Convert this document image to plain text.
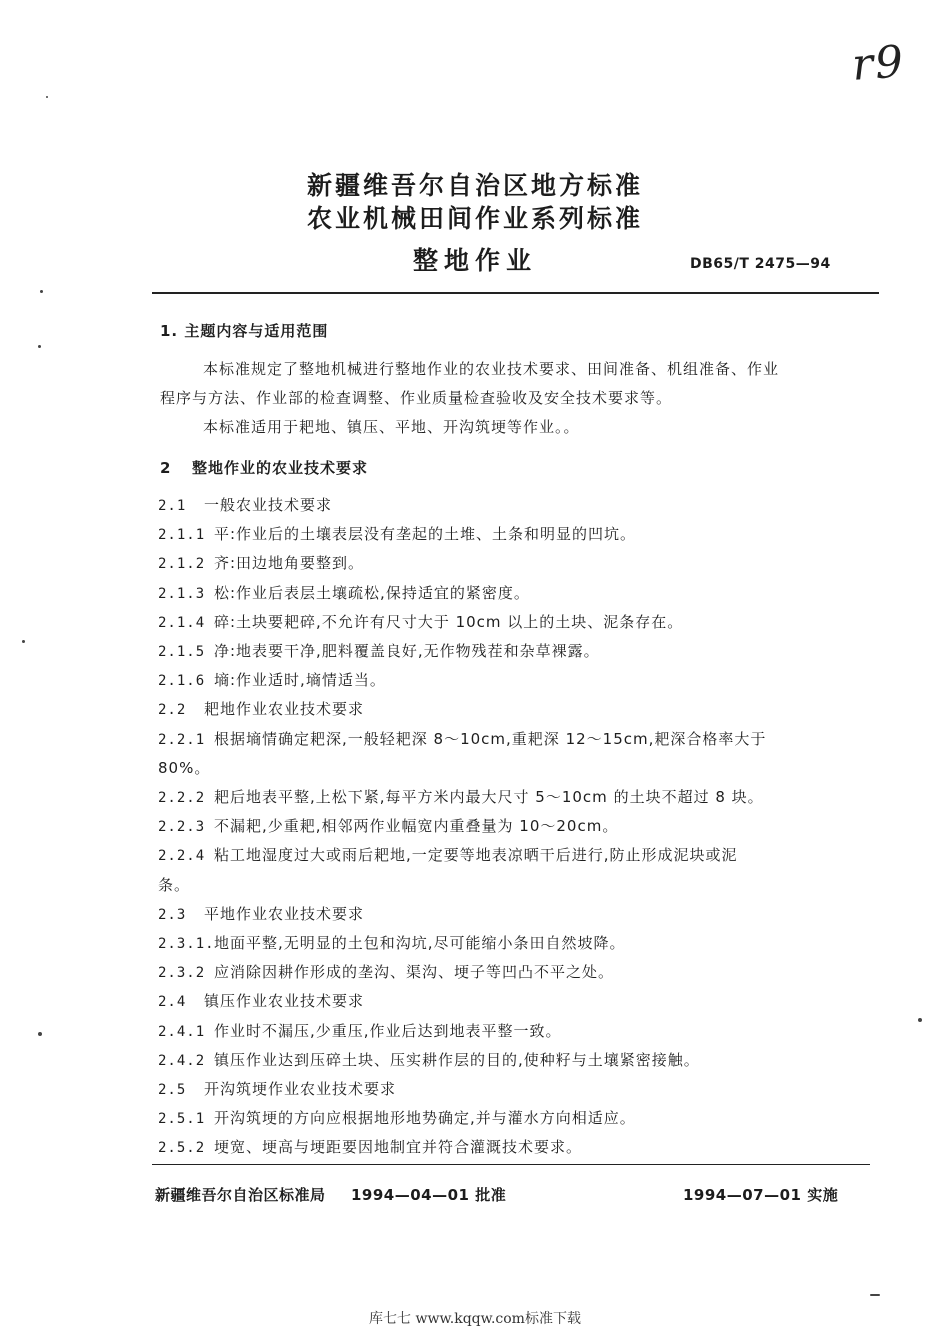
r9
新疆维吾尔自治区地方标准
农业机械田间作业系列标准
整地作业	DB65/T 2475—94
1. 主题内容与适用范围
本标准规定了整地机械进行整地作业的农业技术要求、田间准备、机组准备、作业
程序与方法、作业部的检查调整、作业质量检查验收及安全技术要求等。
本标准适用于耙地、镇压、平地、开沟筑埂等作业。。
2 整地作业的农业技术要求
2.1 一般农业技术要求
2.1.1 平:作业后的土壤表层没有垄起的土堆、土条和明显的凹坑。
2.1.2 齐:田边地角要整到。
2.1.3 松:作业后表层土壤疏松,保持适宜的紧密度。
2.1.4 碎:土块要耙碎,不允许有尺寸大于 10cm 以上的土块、泥条存在。
2.1.5 净:地表要干净,肥料覆盖良好,无作物残茬和杂草裸露。
2.1.6 墒:作业适时,墒情适当。
2.2 耙地作业农业技术要求
2.2.1 根据墒情确定耙深,一般轻耙深 8～10cm,重耙深 12～15cm,耙深合格率大于
80%。
2.2.2 耙后地表平整,上松下紧,每平方米内最大尺寸 5～10cm 的土块不超过 8 块。
2.2.3 不漏耙,少重耙,相邻两作业幅宽内重叠量为 10～20cm。
2.2.4 粘工地湿度过大或雨后耙地,一定要等地表凉晒干后进行,防止形成泥块或泥
条。
2.3 平地作业农业技术要求
2.3.1.地面平整,无明显的土包和沟坑,尽可能缩小条田自然坡降。
2.3.2 应消除因耕作形成的垄沟、渠沟、埂子等凹凸不平之处。
2.4 镇压作业农业技术要求
2.4.1 作业时不漏压,少重压,作业后达到地表平整一致。
2.4.2 镇压作业达到压碎土块、压实耕作层的目的,使种籽与土壤紧密接触。
2.5 开沟筑埂作业农业技术要求
2.5.1 开沟筑埂的方向应根据地形地势确定,并与灌水方向相适应。
2.5.2 埂宽、埂高与埂距要因地制宜并符合灌溉技术要求。
新疆维吾尔自治区标准局 1994—04—01 批准	1994—07—01 实施
库七七 www.kqqw.com标准下载
